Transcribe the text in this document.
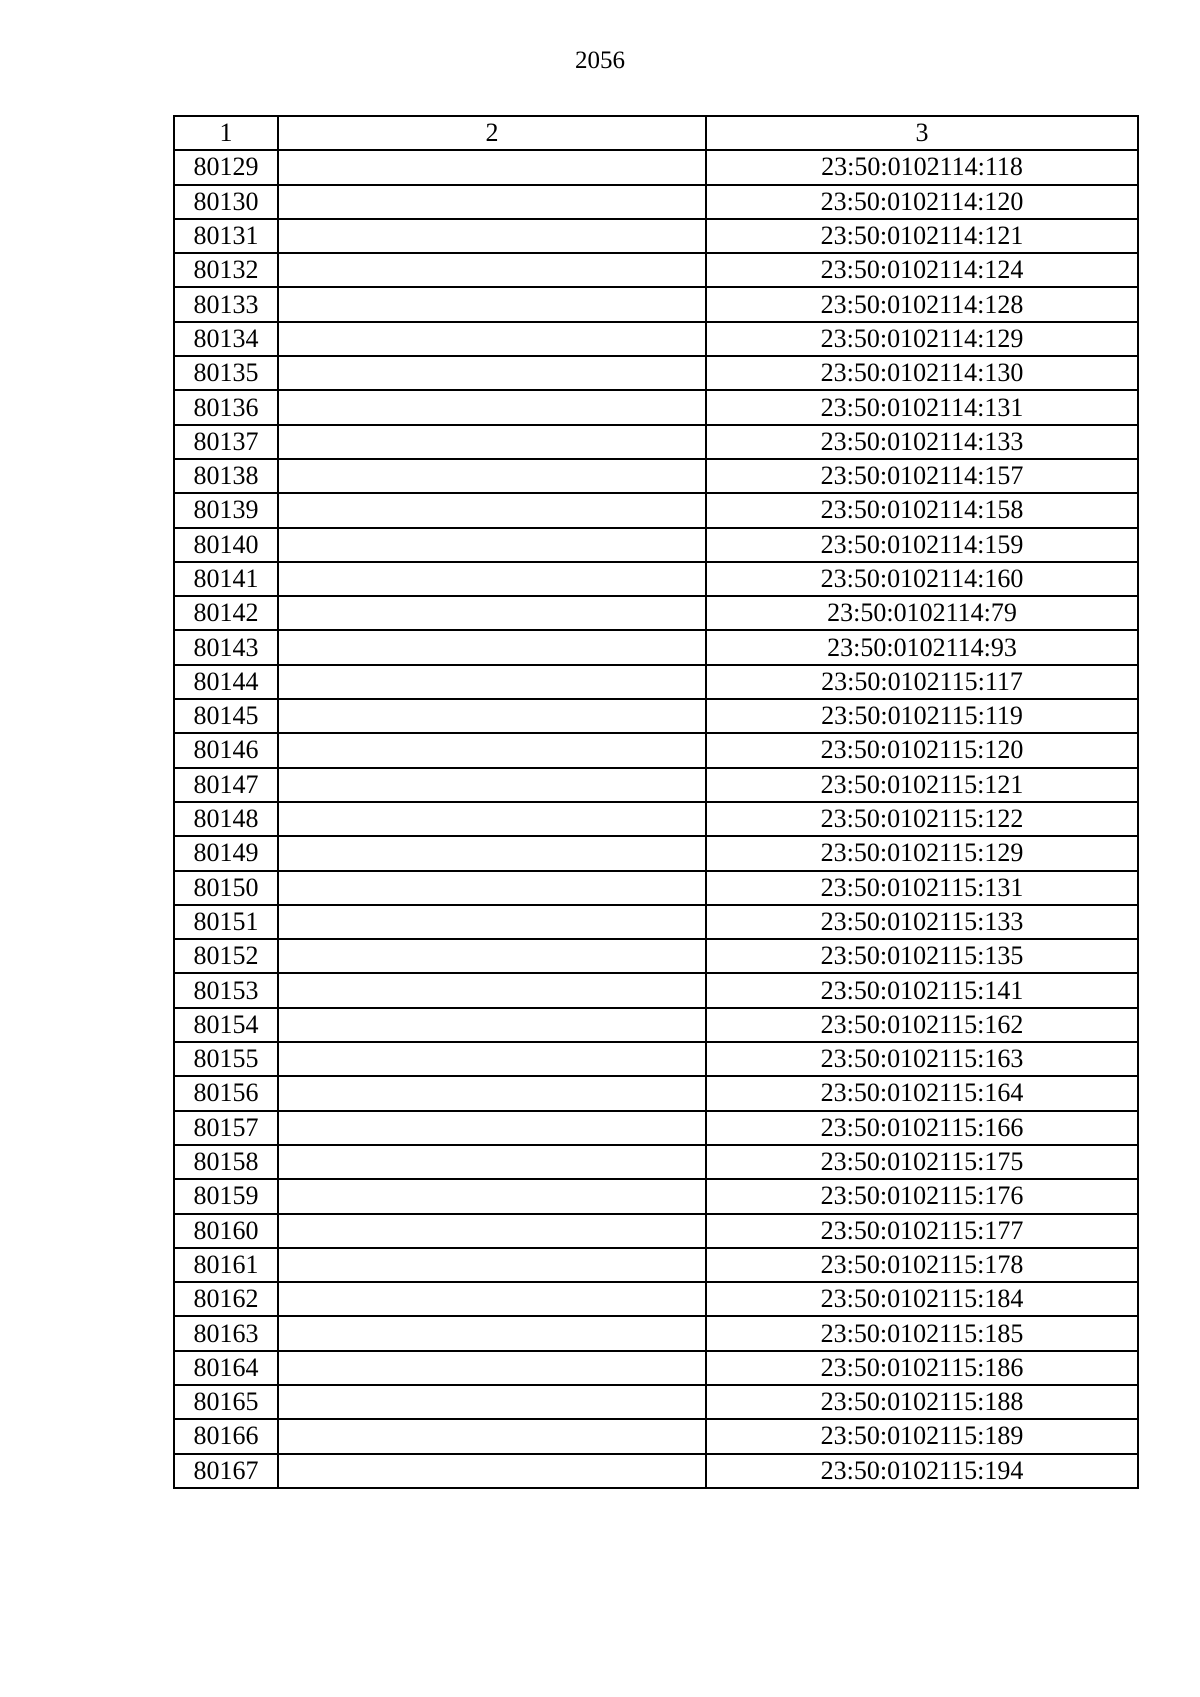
2056
1	2	3
80129		23:50:0102114:118
80130		23:50:0102114:120
80131		23:50:0102114:121
80132		23:50:0102114:124
80133		23:50:0102114:128
80134		23:50:0102114:129
80135		23:50:0102114:130
80136		23:50:0102114:131
80137		23:50:0102114:133
80138		23:50:0102114:157
80139		23:50:0102114:158
80140		23:50:0102114:159
80141		23:50:0102114:160
80142		23:50:0102114:79
80143		23:50:0102114:93
80144		23:50:0102115:117
80145		23:50:0102115:119
80146		23:50:0102115:120
80147		23:50:0102115:121
80148		23:50:0102115:122
80149		23:50:0102115:129
80150		23:50:0102115:131
80151		23:50:0102115:133
80152		23:50:0102115:135
80153		23:50:0102115:141
80154		23:50:0102115:162
80155		23:50:0102115:163
80156		23:50:0102115:164
80157		23:50:0102115:166
80158		23:50:0102115:175
80159		23:50:0102115:176
80160		23:50:0102115:177
80161		23:50:0102115:178
80162		23:50:0102115:184
80163		23:50:0102115:185
80164		23:50:0102115:186
80165		23:50:0102115:188
80166		23:50:0102115:189
80167		23:50:0102115:194
